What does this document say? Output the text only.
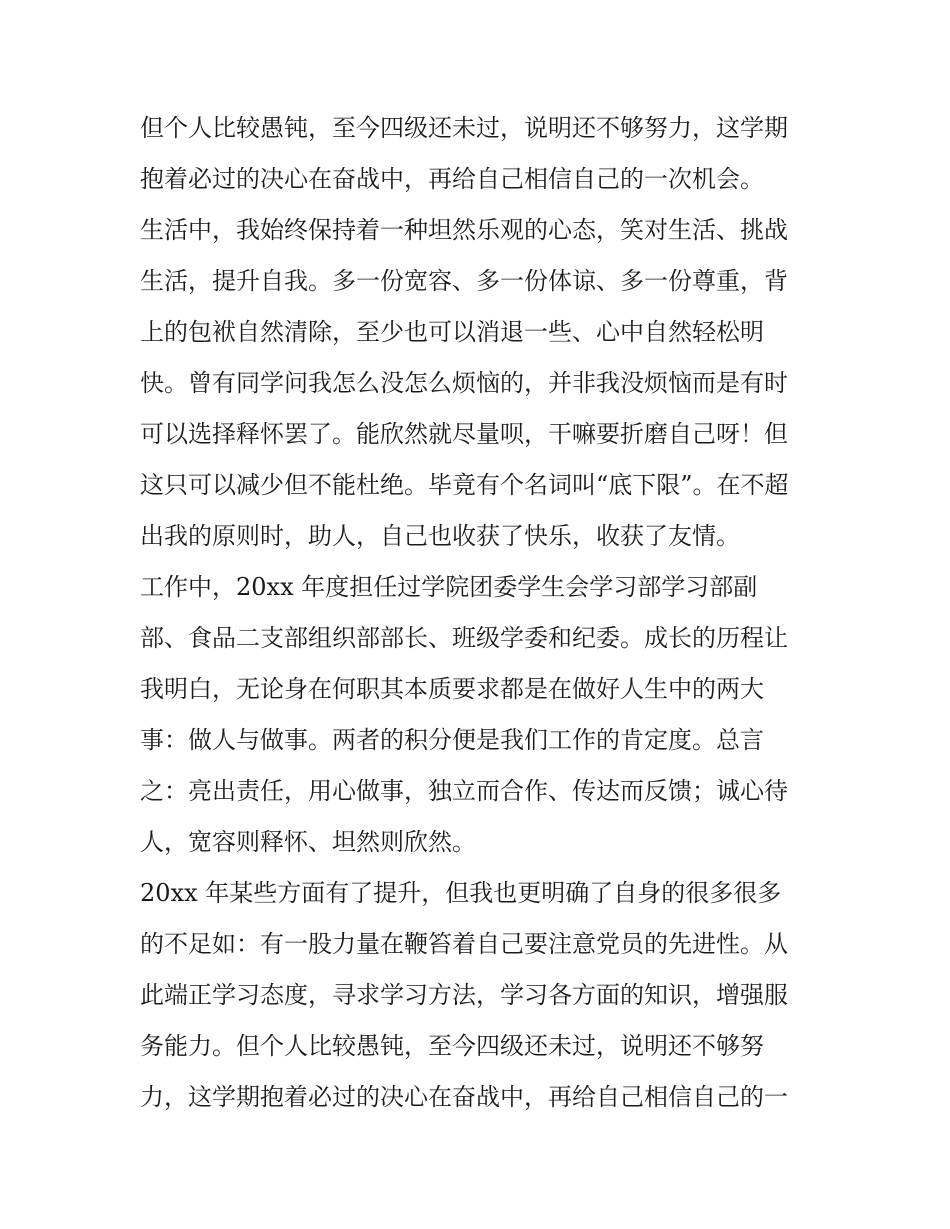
但个人比较愚钝，至今四级还未过，说明还不够努力，这学期
抱着必过的决心在奋战中，再给自己相信自己的一次机会。
生活中，我始终保持着一种坦然乐观的心态，笑对生活、挑战
生活，提升自我。多一份宽容、多一份体谅、多一份尊重，背
上的包袱自然清除，至少也可以消退一些、心中自然轻松明
快。曾有同学问我怎么没怎么烦恼的，并非我没烦恼而是有时
可以选择释怀罢了。能欣然就尽量呗，干嘛要折磨自己呀！但
这只可以减少但不能杜绝。毕竟有个名词叫“底下限”。在不超
出我的原则时，助人，自己也收获了快乐，收获了友情。
工作中，20xx 年度担任过学院团委学生会学习部学习部副
部、食品二支部组织部部长、班级学委和纪委。成长的历程让
我明白，无论身在何职其本质要求都是在做好人生中的两大
事：做人与做事。两者的积分便是我们工作的肯定度。总言
之：亮出责任，用心做事，独立而合作、传达而反馈；诚心待
人，宽容则释怀、坦然则欣然。
20xx 年某些方面有了提升，但我也更明确了自身的很多很多
的不足如：有一股力量在鞭笞着自己要注意党员的先进性。从
此端正学习态度，寻求学习方法，学习各方面的知识，增强服
务能力。但个人比较愚钝，至今四级还未过，说明还不够努
力，这学期抱着必过的决心在奋战中，再给自己相信自己的一
